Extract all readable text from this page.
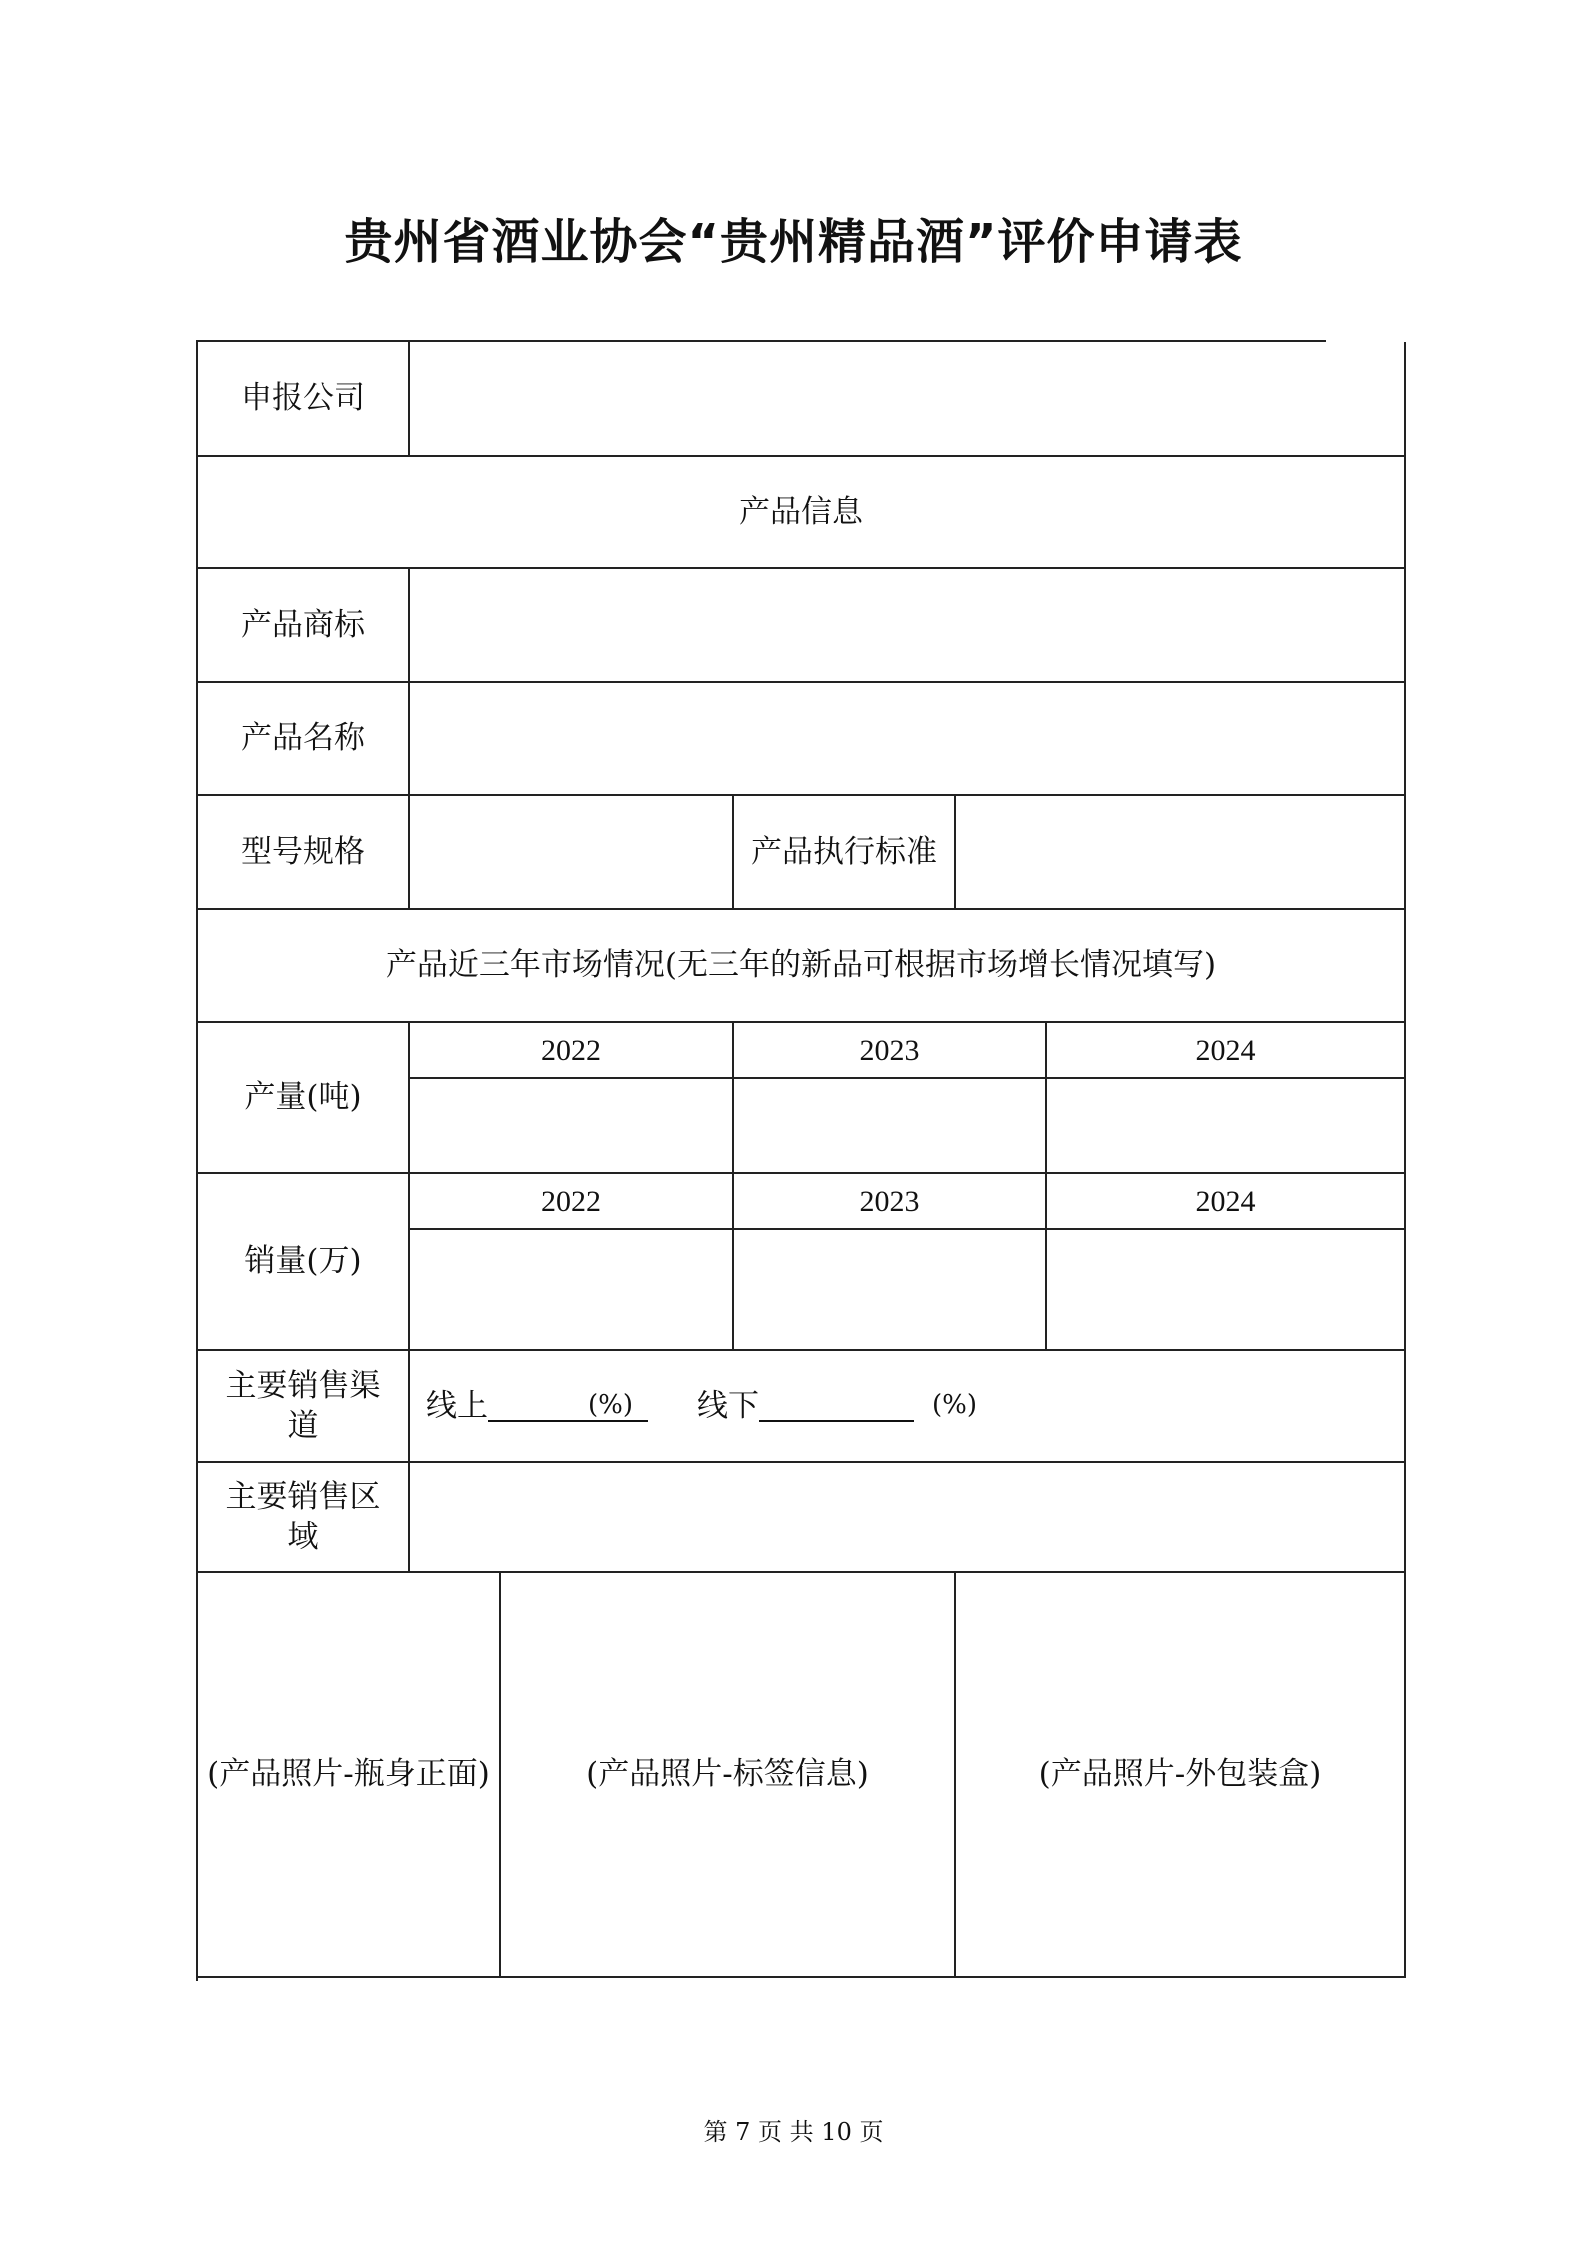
贵州省酒业协会“贵州精品酒”评价申请表
申报公司
产品信息
产品商标
产品名称
型号规格	产品执行标准
产品近三年市场情况(无三年的新品可根据市场增长情况填写)
产量(吨)
2022	2023	2024
销量(万)
2022	2023	2024
主要销售渠道
线上	(%) 线下	(%)
主要销售区域
(产品照片-瓶身正面)	(产品照片-标签信息)	(产品照片-外包装盒)
第 7 页 共 10 页
